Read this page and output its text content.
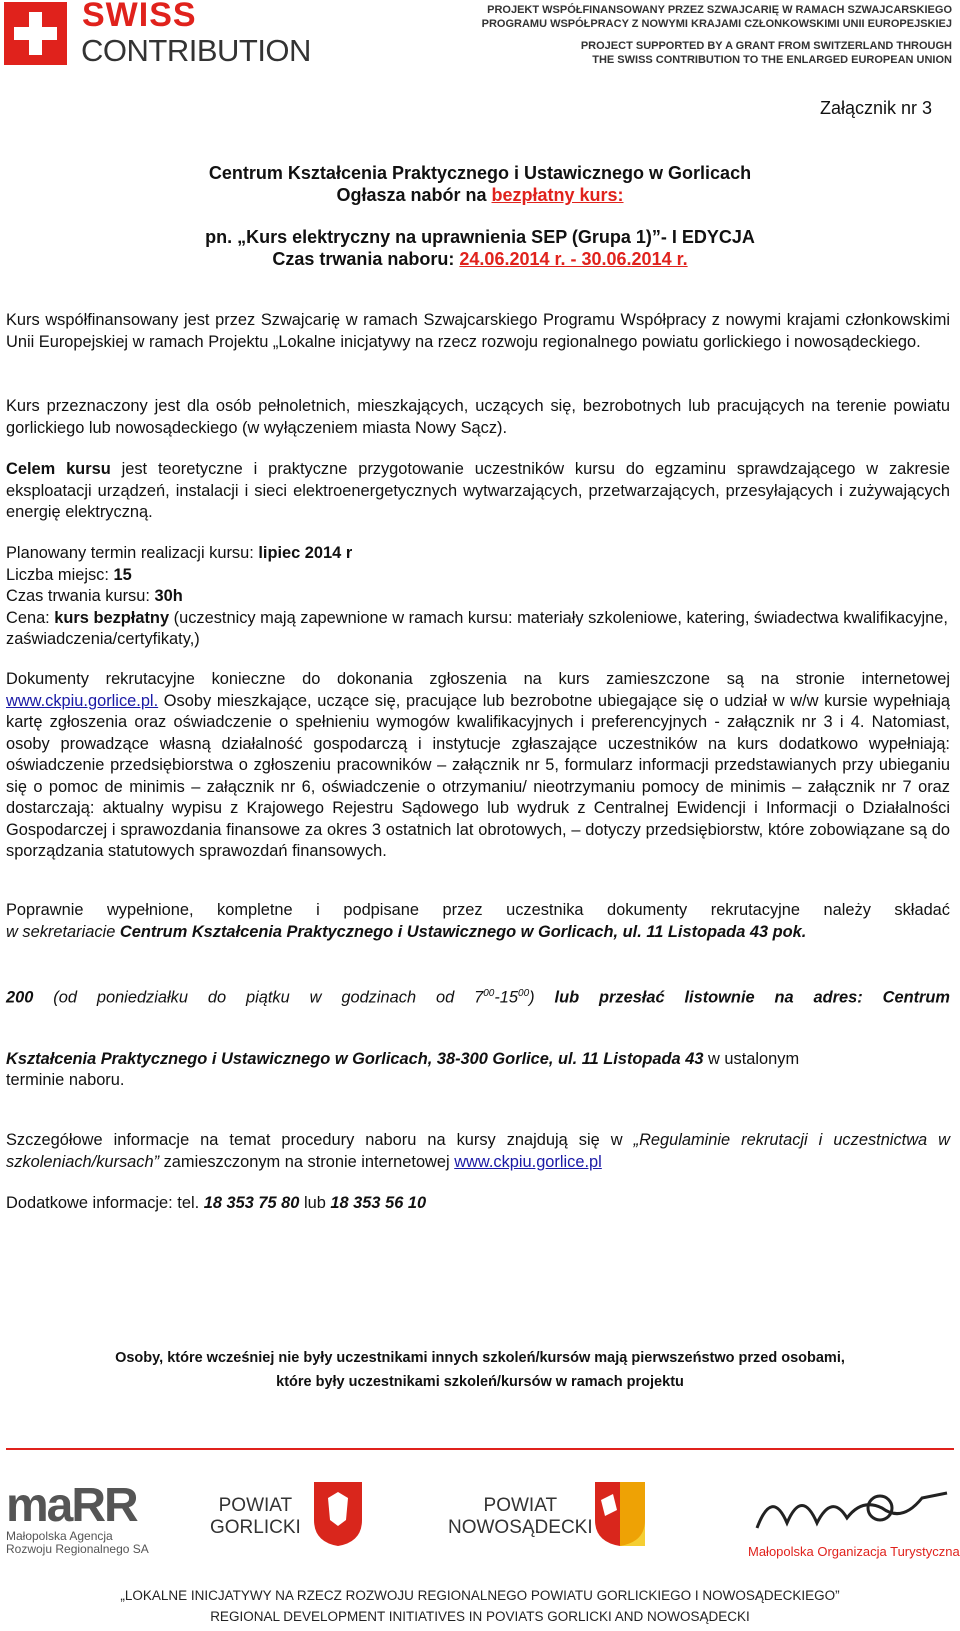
SWISS
CONTRIBUTION
PROJEKT WSPÓŁFINANSOWANY PRZEZ SZWAJCARIĘ W RAMACH SZWAJCARSKIEGO
PROGRAMU WSPÓŁPRACY Z NOWYMI KRAJAMI CZŁONKOWSKIMI UNII EUROPEJSKIEJ
PROJECT SUPPORTED BY A GRANT FROM SWITZERLAND THROUGH
THE SWISS CONTRIBUTION TO THE ENLARGED EUROPEAN UNION
Załącznik nr 3
Centrum Kształcenia Praktycznego i Ustawicznego w Gorlicach
Ogłasza nabór na bezpłatny kurs:
pn. „Kurs elektryczny na uprawnienia SEP (Grupa 1)”- I EDYCJA
Czas trwania naboru: 24.06.2014 r. - 30.06.2014 r.
Kurs współfinansowany jest przez Szwajcarię w ramach Szwajcarskiego Programu Współpracy z nowymi krajami członkowskimi Unii Europejskiej w ramach Projektu „Lokalne inicjatywy na rzecz rozwoju regionalnego powiatu gorlickiego i nowosądeckiego.
Kurs przeznaczony jest dla osób pełnoletnich, mieszkających, uczących się, bezrobotnych lub pracujących na terenie powiatu gorlickiego lub nowosądeckiego (w wyłączeniem miasta Nowy Sącz).
Celem kursu jest teoretyczne i praktyczne przygotowanie uczestników kursu do egzaminu sprawdzającego w zakresie eksploatacji urządzeń, instalacji i sieci elektroenergetycznych wytwarzających, przetwarzających, przesyłających i zużywających energię elektryczną.
Planowany termin realizacji kursu: lipiec 2014 r
Liczba miejsc: 15
Czas trwania kursu: 30h
Cena: kurs bezpłatny (uczestnicy mają zapewnione w ramach kursu: materiały szkoleniowe, katering, świadectwa kwalifikacyjne, zaświadczenia/certyfikaty,)
Dokumenty rekrutacyjne konieczne do dokonania zgłoszenia na kurs zamieszczone są na stronie internetowej www.ckpiu.gorlice.pl. Osoby mieszkające, uczące się, pracujące lub bezrobotne ubiegające się o udział w w/w kursie wypełniają kartę zgłoszenia oraz oświadczenie o spełnieniu wymogów kwalifikacyjnych i preferencyjnych - załącznik nr 3 i 4. Natomiast, osoby prowadzące własną działalność gospodarczą i instytucje zgłaszające uczestników na kurs dodatkowo wypełniają: oświadczenie przedsiębiorstwa o zgłoszeniu pracowników – załącznik nr 5, formularz informacji przedstawianych przy ubieganiu się o pomoc de minimis – załącznik nr 6, oświadczenie o otrzymaniu/ nieotrzymaniu pomocy de minimis – załącznik nr 7 oraz dostarczają: aktualny wypisu z Krajowego Rejestru Sądowego lub wydruk z Centralnej Ewidencji i Informacji o Działalności Gospodarczej i sprawozdania finansowe za okres 3 ostatnich lat obrotowych, – dotyczy przedsiębiorstw, które zobowiązane są do sporządzania statutowych sprawozdań finansowych.
Poprawnie wypełnione, kompletne i podpisane przez uczestnika dokumenty rekrutacyjne należy składać
w sekretariacie Centrum Kształcenia Praktycznego i Ustawicznego w Gorlicach, ul. 11 Listopada 43 pok.
200 (od poniedziałku do piątku w godzinach od $7^{00}-15^{00}$) lub przesłać listownie na adres: Centrum
Kształcenia Praktycznego i Ustawicznego w Gorlicach, 38-300 Gorlice, ul. 11 Listopada 43 w ustalonym
terminie naboru.
Szczegółowe informacje na temat procedury naboru na kursy znajdują się w „Regulaminie rekrutacji i uczestnictwa w szkoleniach/kursach” zamieszczonym na stronie internetowej www.ckpiu.gorlice.pl
Dodatkowe informacje: tel. 18 353 75 80 lub 18 353 56 10
Osoby, które wcześniej nie były uczestnikami innych szkoleń/kursów mają pierwszeństwo przed osobami,
które były uczestnikami szkoleń/kursów w ramach projektu
maRR
Małopolska Agencja
Rozwoju Regionalnego SA
POWIAT
GORLICKI
POWIAT
NOWOSĄDECKI
Małopolska Organizacja Turystyczna
„LOKALNE INICJATYWY NA RZECZ ROZWOJU REGIONALNEGO POWIATU GORLICKIEGO I NOWOSĄDECKIEGO”
REGIONAL DEVELOPMENT INITIATIVES IN POVIATS GORLICKI AND NOWOSĄDECKI
